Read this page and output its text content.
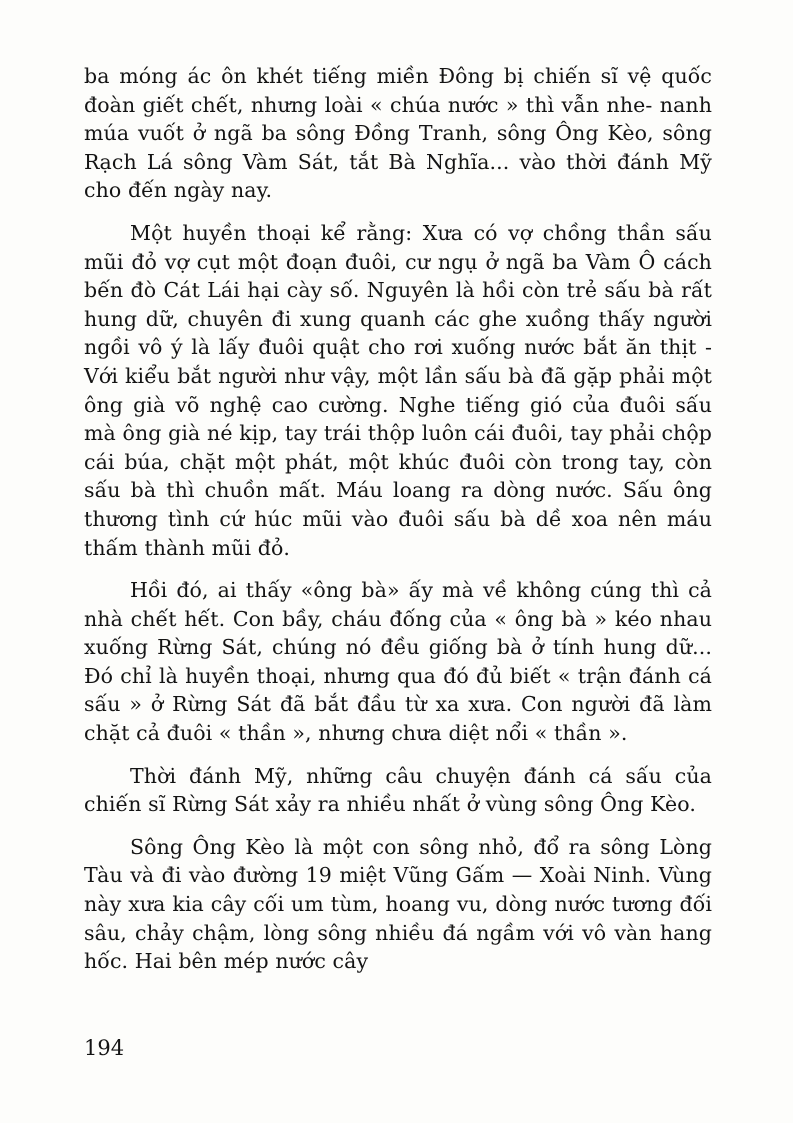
ba móng ác ôn khét tiếng miền Đông bị chiến sĩ vệ quốc đoàn giết chết, nhưng loài « chúa nước » thì vẫn nhe- nanh múa vuốt ở ngã ba sông Đồng Tranh, sông Ông Kèo, sông Rạch Lá sông Vàm Sát, tắt Bà Nghĩa... vào thời đánh Mỹ cho đến ngày nay.

Một huyền thoại kể rằng: Xưa có vợ chồng thần sấu mũi đỏ vợ cụt một đoạn đuôi, cư ngụ ở ngã ba Vàm Ô cách bến đò Cát Lái hại cày số. Nguyên là hồi còn trẻ sấu bà rất hung dữ, chuyên đi xung quanh các ghe xuồng thấy người ngồi vô ý là lấy đuôi quật cho rơi xuống nước bắt ăn thịt -Với kiểu bắt người như vậy, một lần sấu bà đã gặp phải một ông già võ nghệ cao cường. Nghe tiếng gió của đuôi sấu mà ông già né kịp, tay trái thộp luôn cái đuôi, tay phải chộp cái búa, chặt một phát, một khúc đuôi còn trong tay, còn sấu bà thì chuồn mất. Máu loang ra dòng nước. Sấu ông thương tình cứ húc mũi vào đuôi sấu bà dề xoa nên máu thấm thành mũi đỏ.

Hồi đó, ai thấy «ông bà» ấy mà về không cúng thì cả nhà chết hết. Con bầy, cháu đống của « ông bà » kéo nhau xuống Rừng Sát, chúng nó đều giống bà ở tính hung dữ... Đó chỉ là huyền thoại, nhưng qua đó đủ biết « trận đánh cá sấu » ở Rừng Sát đã bắt đầu từ xa xưa. Con người đã làm chặt cả đuôi « thần », nhưng chưa diệt nổi « thần ».

Thời đánh Mỹ, những câu chuyện đánh cá sấu của chiến sĩ Rừng Sát xảy ra nhiều nhất ở vùng sông Ông Kèo.

Sông Ông Kèo là một con sông nhỏ, đổ ra sông Lòng Tàu và đi vào đường 19 miệt Vũng Gấm — Xoài Ninh. Vùng này xưa kia cây cối um tùm, hoang vu, dòng nước tương đối sâu, chảy chậm, lòng sông nhiều đá ngầm với vô vàn hang hốc. Hai bên mép nước cây

194
